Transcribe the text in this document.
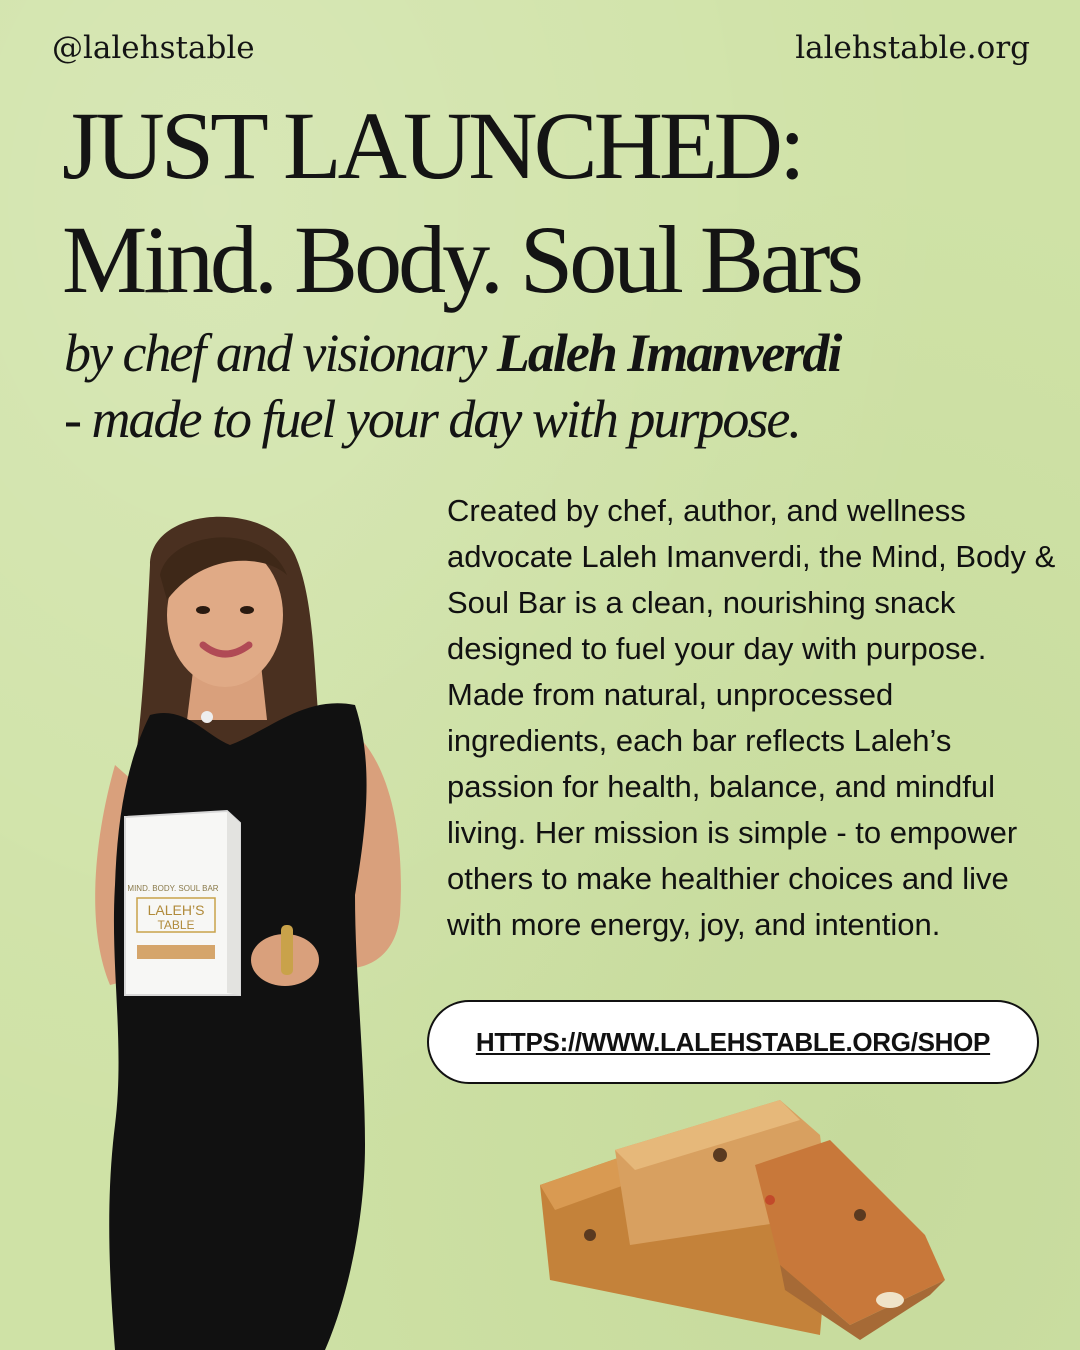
@lalehstable	lalehstable.org
JUST LAUNCHED:
Mind. Body. Soul Bars
by chef and visionary Laleh Imanverdi
- made to fuel your day with purpose.
MIND. BODY. SOUL BAR
LALEH’S
TABLE
Created by chef, author, and wellness advocate Laleh Imanverdi, the Mind, Body & Soul Bar is a clean, nourishing snack designed to fuel your day with purpose. Made from natural, unprocessed ingredients, each bar reflects Laleh’s passion for health, balance, and mindful living. Her mission is simple - to empower others to make healthier choices and live with more energy, joy, and intention.
HTTPS://WWW.LALEHSTABLE.ORG/SHOP
